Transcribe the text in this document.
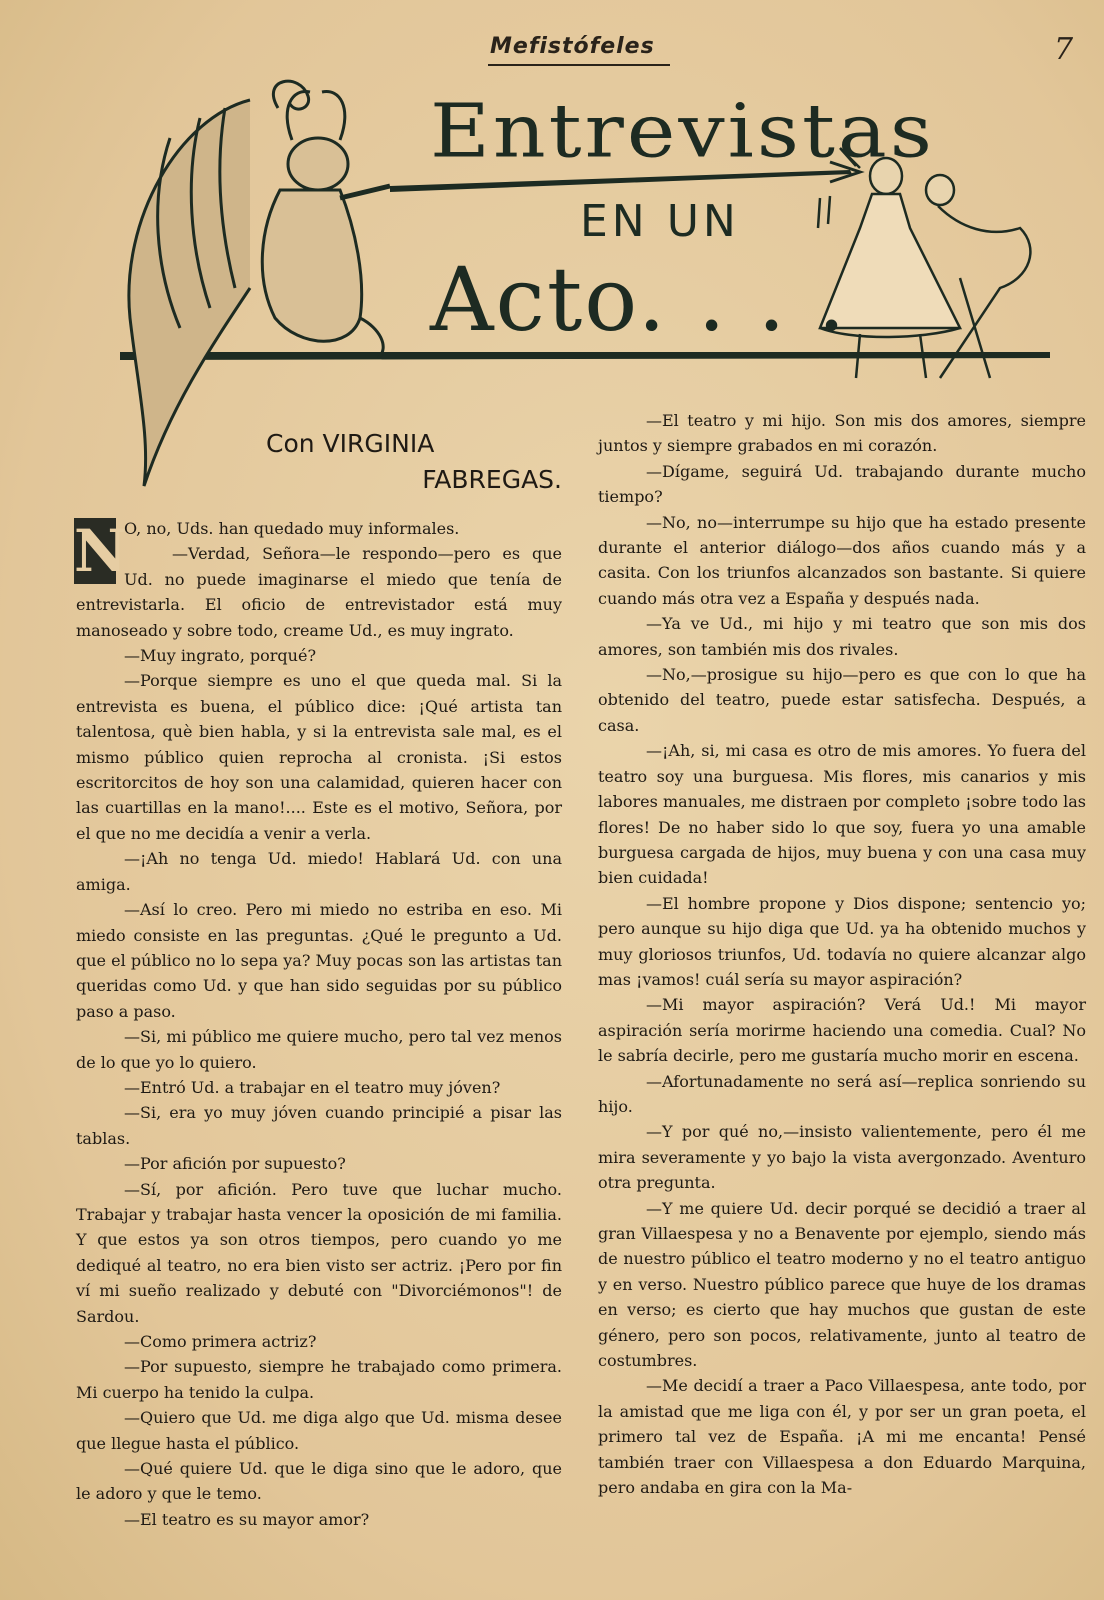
Mefistófeles	7
Entrevistas
EN UN
Acto. . . .
Con VIRGINIA
FABREGAS.

N
O, no, Uds. han quedado muy informales.

—Verdad, Señora—le respondo—pero es que Ud. no puede imaginarse el miedo que tenía de entrevistarla. El oficio de entrevistador está muy manoseado y sobre todo, creame Ud., es muy ingrato.

—Muy ingrato, porqué?

—Porque siempre es uno el que queda mal. Si la entrevista es buena, el público dice: ¡Qué artista tan talentosa, què bien habla, y si la entrevista sale mal, es el mismo público quien reprocha al cronista. ¡Si estos escritorcitos de hoy son una calamidad, quieren hacer con las cuartillas en la mano!.... Este es el motivo, Señora, por el que no me decidía a venir a verla.

—¡Ah no tenga Ud. miedo! Hablará Ud. con una amiga.

—Así lo creo. Pero mi miedo no estriba en eso. Mi miedo consiste en las preguntas. ¿Qué le pregunto a Ud. que el público no lo sepa ya? Muy pocas son las artistas tan queridas como Ud. y que han sido seguidas por su público paso a paso.

—Si, mi público me quiere mucho, pero tal vez menos de lo que yo lo quiero.

—Entró Ud. a trabajar en el teatro muy jóven?

—Si, era yo muy jóven cuando principié a pisar las tablas.

—Por afición por supuesto?

—Sí, por afición. Pero tuve que luchar mucho. Trabajar y trabajar hasta vencer la oposición de mi familia. Y que estos ya son otros tiempos, pero cuando yo me dediqué al teatro, no era bien visto ser actriz. ¡Pero por fin ví mi sueño realizado y debuté con "Divorciémonos"! de Sardou.

—Como primera actriz?

—Por supuesto, siempre he trabajado como primera. Mi cuerpo ha tenido la culpa.

—Quiero que Ud. me diga algo que Ud. misma desee que llegue hasta el público.

—Qué quiere Ud. que le diga sino que le adoro, que le adoro y que le temo.

—El teatro es su mayor amor?

—El teatro y mi hijo. Son mis dos amores, siempre juntos y siempre grabados en mi corazón.

—Dígame, seguirá Ud. trabajando durante mucho tiempo?

—No, no—interrumpe su hijo que ha estado presente durante el anterior diálogo—dos años cuando más y a casita. Con los triunfos alcanzados son bastante. Si quiere cuando más otra vez a España y después nada.

—Ya ve Ud., mi hijo y mi teatro que son mis dos amores, son también mis dos rivales.

—No,—prosigue su hijo—pero es que con lo que ha obtenido del teatro, puede estar satisfecha. Después, a casa.

—¡Ah, si, mi casa es otro de mis amores. Yo fuera del teatro soy una burguesa. Mis flores, mis canarios y mis labores manuales, me distraen por completo ¡sobre todo las flores! De no haber sido lo que soy, fuera yo una amable burguesa cargada de hijos, muy buena y con una casa muy bien cuidada!

—El hombre propone y Dios dispone; sentencio yo; pero aunque su hijo diga que Ud. ya ha obtenido muchos y muy gloriosos triunfos, Ud. todavía no quiere alcanzar algo mas ¡vamos! cuál sería su mayor aspiración?

—Mi mayor aspiración? Verá Ud.! Mi mayor aspiración sería morirme haciendo una comedia. Cual? No le sabría decirle, pero me gustaría mucho morir en escena.

—Afortunadamente no será así—replica sonriendo su hijo.

—Y por qué no,—insisto valientemente, pero él me mira severamente y yo bajo la vista avergonzado. Aventuro otra pregunta.

—Y me quiere Ud. decir porqué se decidió a traer al gran Villaespesa y no a Benavente por ejemplo, siendo más de nuestro público el teatro moderno y no el teatro antiguo y en verso. Nuestro público parece que huye de los dramas en verso; es cierto que hay muchos que gustan de este género, pero son pocos, relativamente, junto al teatro de costumbres.

—Me decidí a traer a Paco Villaespesa, ante todo, por la amistad que me liga con él, y por ser un gran poeta, el primero tal vez de España. ¡A mi me encanta! Pensé también traer con Villaespesa a don Eduardo Marquina, pero andaba en gira con la Ma-
